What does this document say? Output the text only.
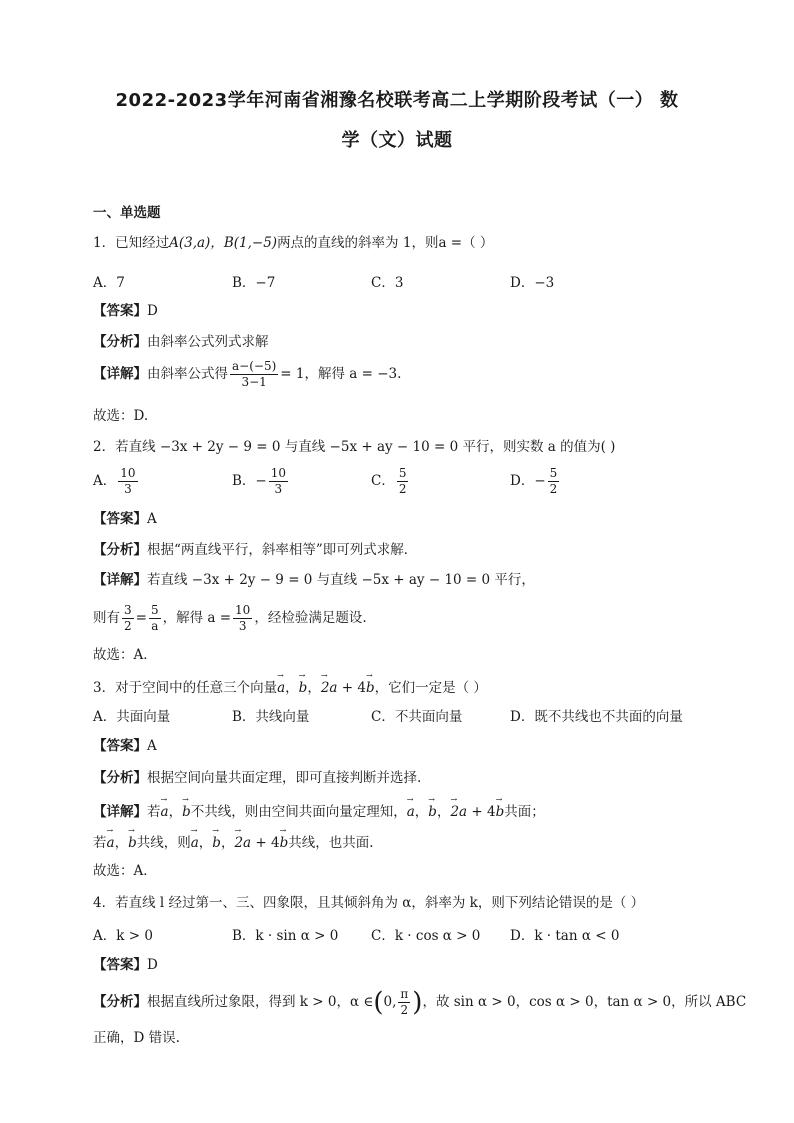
2022-2023学年河南省湘豫名校联考高二上学期阶段考试（一） 数
学（文）试题
一、单选题
1．已知经过A(3,a)，B(1,−5)两点的直线的斜率为 1，则a =（ ）
A．7	B．−7	C．3	D．−3
【答案】D
【分析】由斜率公式列式求解
【详解】由斜率公式得 $\frac{a-(-5)}{3-1} = 1$，解得 a = −3.
故选：D.
2．若直线 −3x + 2y − 9 = 0 与直线 −5x + ay − 10 = 0 平行，则实数 a 的值为( )
A． $\frac{10}{3}$	B．− $\frac{10}{3}$	C． $\frac{5}{2}$	D．− $\frac{5}{2}$
【答案】A
【分析】根据“两直线平行，斜率相等”即可列式求解．
【详解】若直线 −3x + 2y − 9 = 0 与直线 −5x + ay − 10 = 0 平行，
则有 $\frac{3}{2} = \frac{5}{a}$ ，解得 $a = \frac{10}{3}$ ，经检验满足题设.
故选：A．
3．对于空间中的任意三个向量→ a，→ b，→ 2a + 4→ b，它们一定是（ ）
A．共面向量	B．共线向量	C．不共面向量	D．既不共线也不共面的向量
【答案】A
【分析】根据空间向量共面定理，即可直接判断并选择.
【详解】若→ a，→ b不共线，则由空间共面向量定理知，→ a，→ b，→ 2a + 4→ b共面；
若→ a，→ b共线，则→ a，→ b，→ 2a + 4→ b共线，也共面.
故选：A．
4．若直线 l 经过第一、三、四象限，且其倾斜角为 α，斜率为 k，则下列结论错误的是（ ）
A．k > 0	B．k · sin α > 0 C．k · cos α > 0 D．k · tan α < 0
【答案】D
【分析】根据直线所过象限，得到 k > 0，α ∈(0, $\frac{\pi}{2}$ )，故 sin α > 0，cos α > 0，tan α > 0，所以 ABC
正确，D 错误.
